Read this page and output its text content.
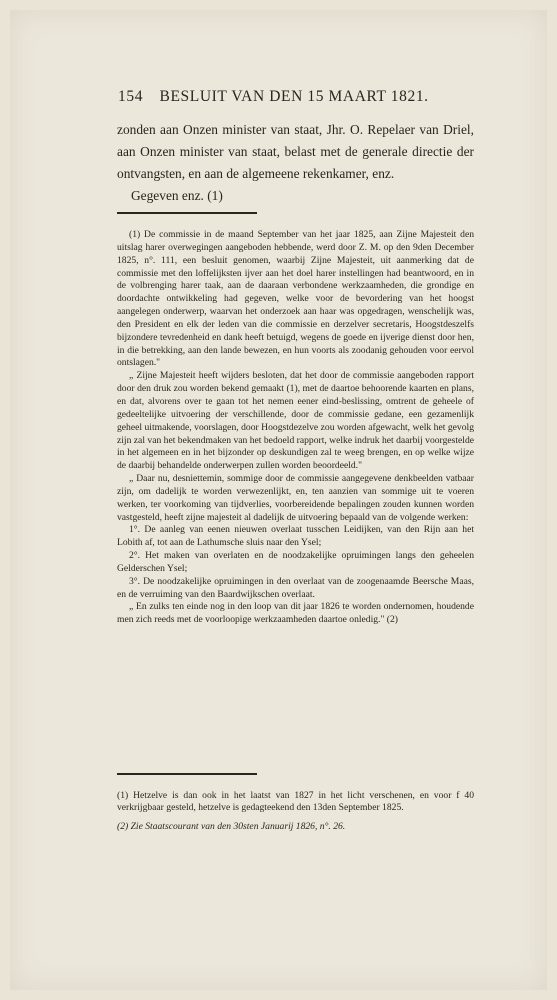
154 BESLUIT VAN DEN 15 MAART 1821.

zonden aan Onzen minister van staat, Jhr. O. Repelaer van Driel, aan Onzen minister van staat, belast met de generale directie der ontvangsten, en aan de algemeene rekenkamer, enz.

Gegeven enz. (1)

(1) De commissie in de maand September van het jaar 1825, aan Zijne Majesteit den uitslag harer overwegingen aangeboden hebbende, werd door Z. M. op den 9den December 1825, n°. 111, een besluit genomen, waarbij Zijne Majesteit, uit aanmerking dat de commissie met den loffelijksten ijver aan het doel harer instellingen had beantwoord, en in de volbrenging harer taak, aan de daaraan verbondene werkzaamheden, die grondige en doordachte ontwikkeling had gegeven, welke voor de bevordering van het hoogst aangelegen onderwerp, waarvan het onderzoek aan haar was opgedragen, wenschelijk was, den President en elk der leden van die commissie en derzelver secretaris, Hoogstdeszelfs bijzondere tevredenheid en dank heeft betuigd, wegens de goede en ijverige dienst door hen, in die betrekking, aan den lande bewezen, en hun voorts als zoodanig gehouden voor eervol ontslagen."

„ Zijne Majesteit heeft wijders besloten, dat het door de commissie aangeboden rapport door den druk zou worden bekend gemaakt (1), met de daartoe behoorende kaarten en plans, en dat, alvorens over te gaan tot het nemen eener eind-beslissing, omtrent de geheele of gedeeltelijke uitvoering der verschillende, door de commissie gedane, een gezamenlijk geheel uitmakende, voorslagen, door Hoogstdezelve zou worden afgewacht, welk het gevolg zijn zal van het bekendmaken van het bedoeld rapport, welke indruk het daarbij voorgestelde in het algemeen en in het bijzonder op deskundigen zal te weeg brengen, en op welke wijze de daarbij behandelde onderwerpen zullen worden beoordeeld."

„ Daar nu, desniettemin, sommige door de commissie aangegevene denkbeelden vatbaar zijn, om dadelijk te worden verwezenlijkt, en, ten aanzien van sommige uit te voeren werken, ter voorkoming van tijdverlies, voorbereidende bepalingen zouden kunnen worden vastgesteld, heeft zijne majesteit al dadelijk de uitvoering bepaald van de volgende werken:

1°. De aanleg van eenen nieuwen overlaat tusschen Leidijken, van den Rijn aan het Lobith af, tot aan de Lathumsche sluis naar den Ysel;

2°. Het maken van overlaten en de noodzakelijke opruimingen langs den geheelen Gelderschen Ysel;

3°. De noodzakelijke opruimingen in den overlaat van de zoogenaamde Beersche Maas, en de verruiming van den Baardwijkschen overlaat.

„ En zulks ten einde nog in den loop van dit jaar 1826 te worden ondernomen, houdende men zich reeds met de voorloopige werkzaamheden daartoe onledig." (2)

(1) Hetzelve is dan ook in het laatst van 1827 in het licht verschenen, en voor f 40 verkrijgbaar gesteld, hetzelve is gedagteekend den 13den September 1825.

(2) Zie Staatscourant van den 30sten Januarij 1826, n°. 26.
